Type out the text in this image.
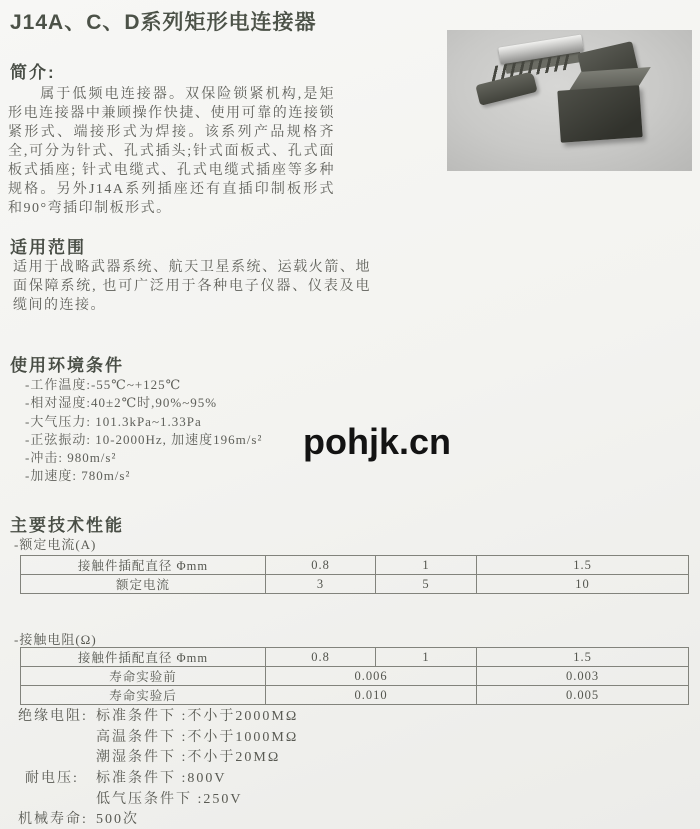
J14A、C、D系列矩形电连接器
简介:

属于低频电连接器。双保险锁紧机构,是矩形电连接器中兼顾操作快捷、使用可靠的连接锁紧形式、端接形式为焊接。该系列产品规格齐全,可分为针式、孔式插头;针式面板式、孔式面板式插座; 针式电缆式、孔式电缆式插座等多种规格。另外J14A系列插座还有直插印制板形式和90°弯插印制板形式。

适用范围

适用于战略武器系统、航天卫星系统、运载火箭、地面保障系统, 也可广泛用于各种电子仪器、仪表及电缆间的连接。

使用环境条件
-工作温度:-55℃~+125℃
-相对湿度:40±2℃时,90%~95%
-大气压力: 101.3kPa~1.33Pa
-正弦振动: 10-2000Hz, 加速度196m/s²
-冲击: 980m/s²
-加速度: 780m/s²
pohjk.cn
主要技术性能
-额定电流(A)
接触件插配直径 Φmm	0.8	1	1.5
额定电流	3	5	10
-接触电阻(Ω)
接触件插配直径 Φmm	0.8	1	1.5
寿命实验前	0.006		0.003
寿命实验后	0.010		0.005
绝缘电阻: 标准条件下 :不小于2000MΩ
高温条件下 :不小于1000MΩ
潮湿条件下 :不小于20MΩ
耐电压: 标准条件下 :800V
低气压条件下 :250V
机械寿命: 500次
